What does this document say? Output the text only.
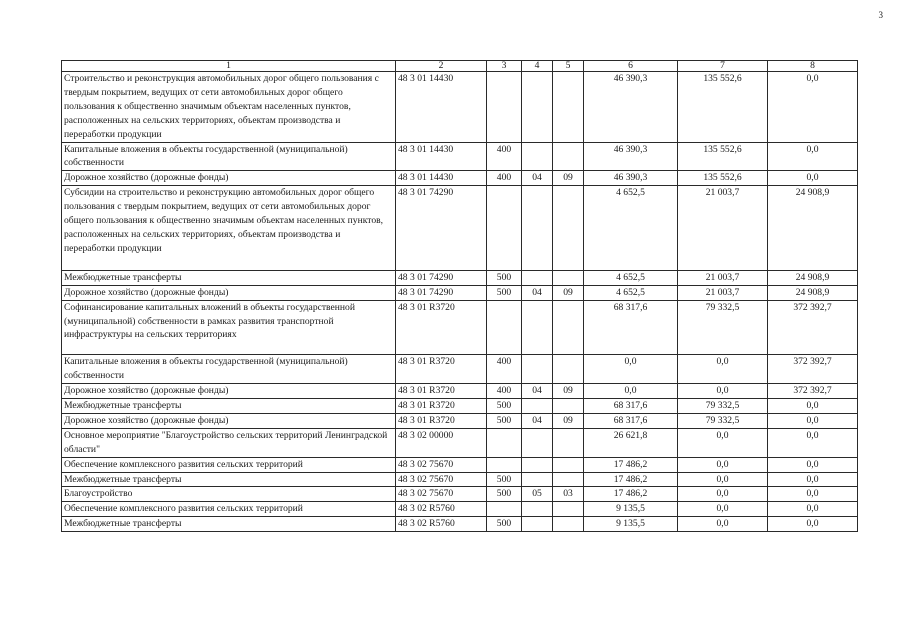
3
1	2	3	4	5	6	7	8
Строительство и реконструкция автомобильных дорог общего пользования с твердым покрытием, ведущих от сети автомобильных дорог общего пользования к общественно значимым объектам населенных пунктов, расположенных на сельских территориях, объектам производства и переработки продукции	48 3 01 14430				46 390,3	135 552,6	0,0
Капитальные вложения в объекты государственной (муниципальной) собственности	48 3 01 14430	400			46 390,3	135 552,6	0,0
Дорожное хозяйство (дорожные фонды)	48 3 01 14430	400	04	09	46 390,3	135 552,6	0,0
Субсидии на строительство и реконструкцию автомобильных дорог общего пользования с твердым покрытием, ведущих от сети автомобильных дорог общего пользования к общественно значимым объектам населенных пунктов, расположенных на сельских территориях, объектам производства и переработки продукции	48 3 01 74290				4 652,5	21 003,7	24 908,9
Межбюджетные трансферты	48 3 01 74290	500			4 652,5	21 003,7	24 908,9
Дорожное хозяйство (дорожные фонды)	48 3 01 74290	500	04	09	4 652,5	21 003,7	24 908,9
Софинансирование капитальных вложений в объекты государственной (муниципальной) собственности в рамках развития транспортной инфраструктуры на сельских территориях	48 3 01 R3720				68 317,6	79 332,5	372 392,7
Капитальные вложения в объекты государственной (муниципальной) собственности	48 3 01 R3720	400			0,0	0,0	372 392,7
Дорожное хозяйство (дорожные фонды)	48 3 01 R3720	400	04	09	0,0	0,0	372 392,7
Межбюджетные трансферты	48 3 01 R3720	500			68 317,6	79 332,5	0,0
Дорожное хозяйство (дорожные фонды)	48 3 01 R3720	500	04	09	68 317,6	79 332,5	0,0
Основное мероприятие "Благоустройство сельских территорий Ленинградской области"	48 3 02 00000				26 621,8	0,0	0,0
Обеспечение комплексного развития сельских территорий	48 3 02 75670				17 486,2	0,0	0,0
Межбюджетные трансферты	48 3 02 75670	500			17 486,2	0,0	0,0
Благоустройство	48 3 02 75670	500	05	03	17 486,2	0,0	0,0
Обеспечение комплексного развития сельских территорий	48 3 02 R5760				9 135,5	0,0	0,0
Межбюджетные трансферты	48 3 02 R5760	500			9 135,5	0,0	0,0
